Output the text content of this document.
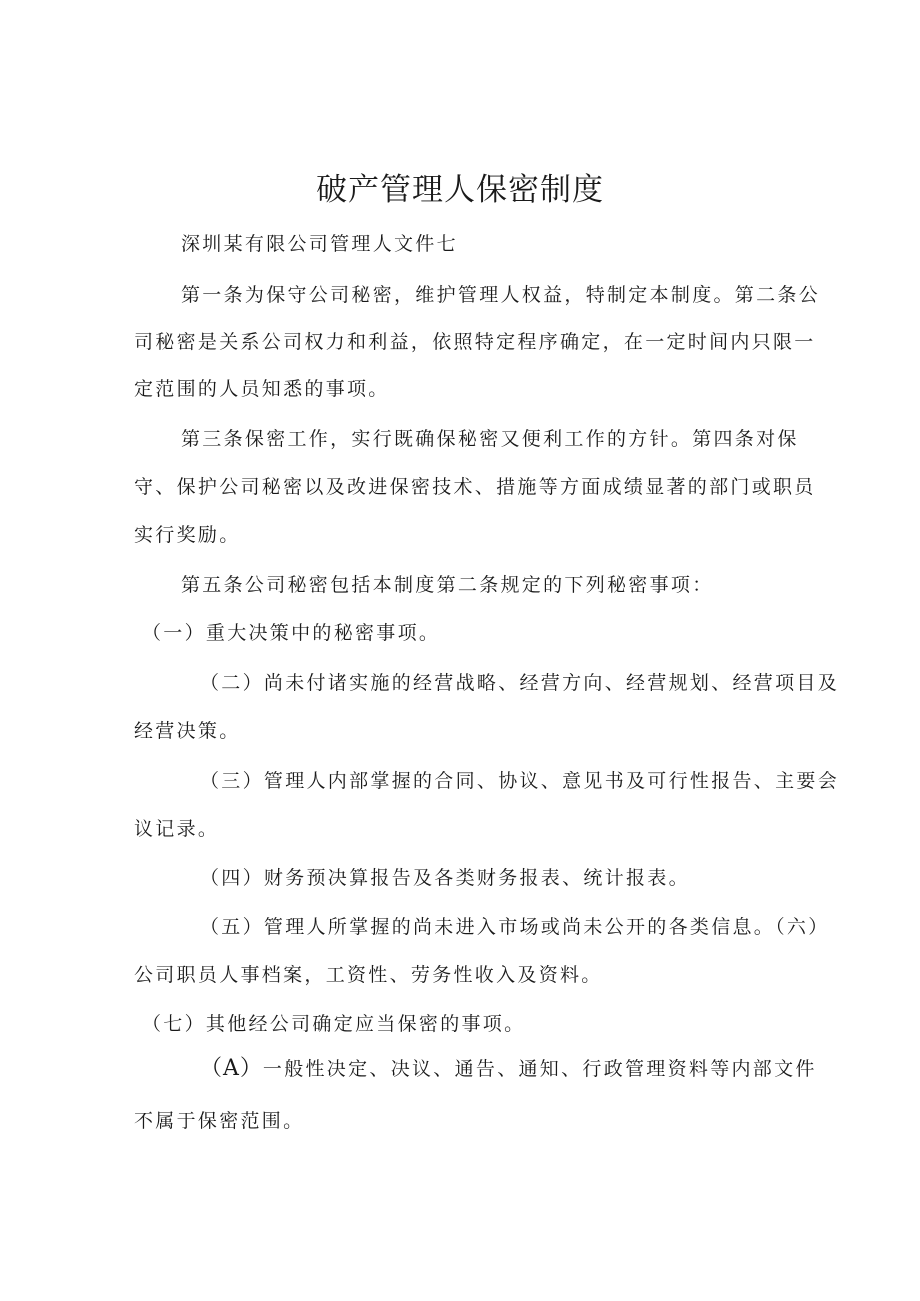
破产管理人保密制度
深圳某有限公司管理人文件七
第一条为保守公司秘密，维护管理人权益，特制定本制度。第二条公
司秘密是关系公司权力和利益，依照特定程序确定，在一定时间内只限一
定范围的人员知悉的事项。
第三条保密工作，实行既确保秘密又便利工作的方针。第四条对保
守、保护公司秘密以及改进保密技术、措施等方面成绩显著的部门或职员
实行奖励。
第五条公司秘密包括本制度第二条规定的下列秘密事项：
（一）重大决策中的秘密事项。
（二）尚未付诸实施的经营战略、经营方向、经营规划、经营项目及
经营决策。
（三）管理人内部掌握的合同、协议、意见书及可行性报告、主要会
议记录。
（四）财务预决算报告及各类财务报表、统计报表。
（五）管理人所掌握的尚未进入市场或尚未公开的各类信息。（六）
公司职员人事档案，工资性、劳务性收入及资料。
（七）其他经公司确定应当保密的事项。
（A）一般性决定、决议、通告、通知、行政管理资料等内部文件
不属于保密范围。
